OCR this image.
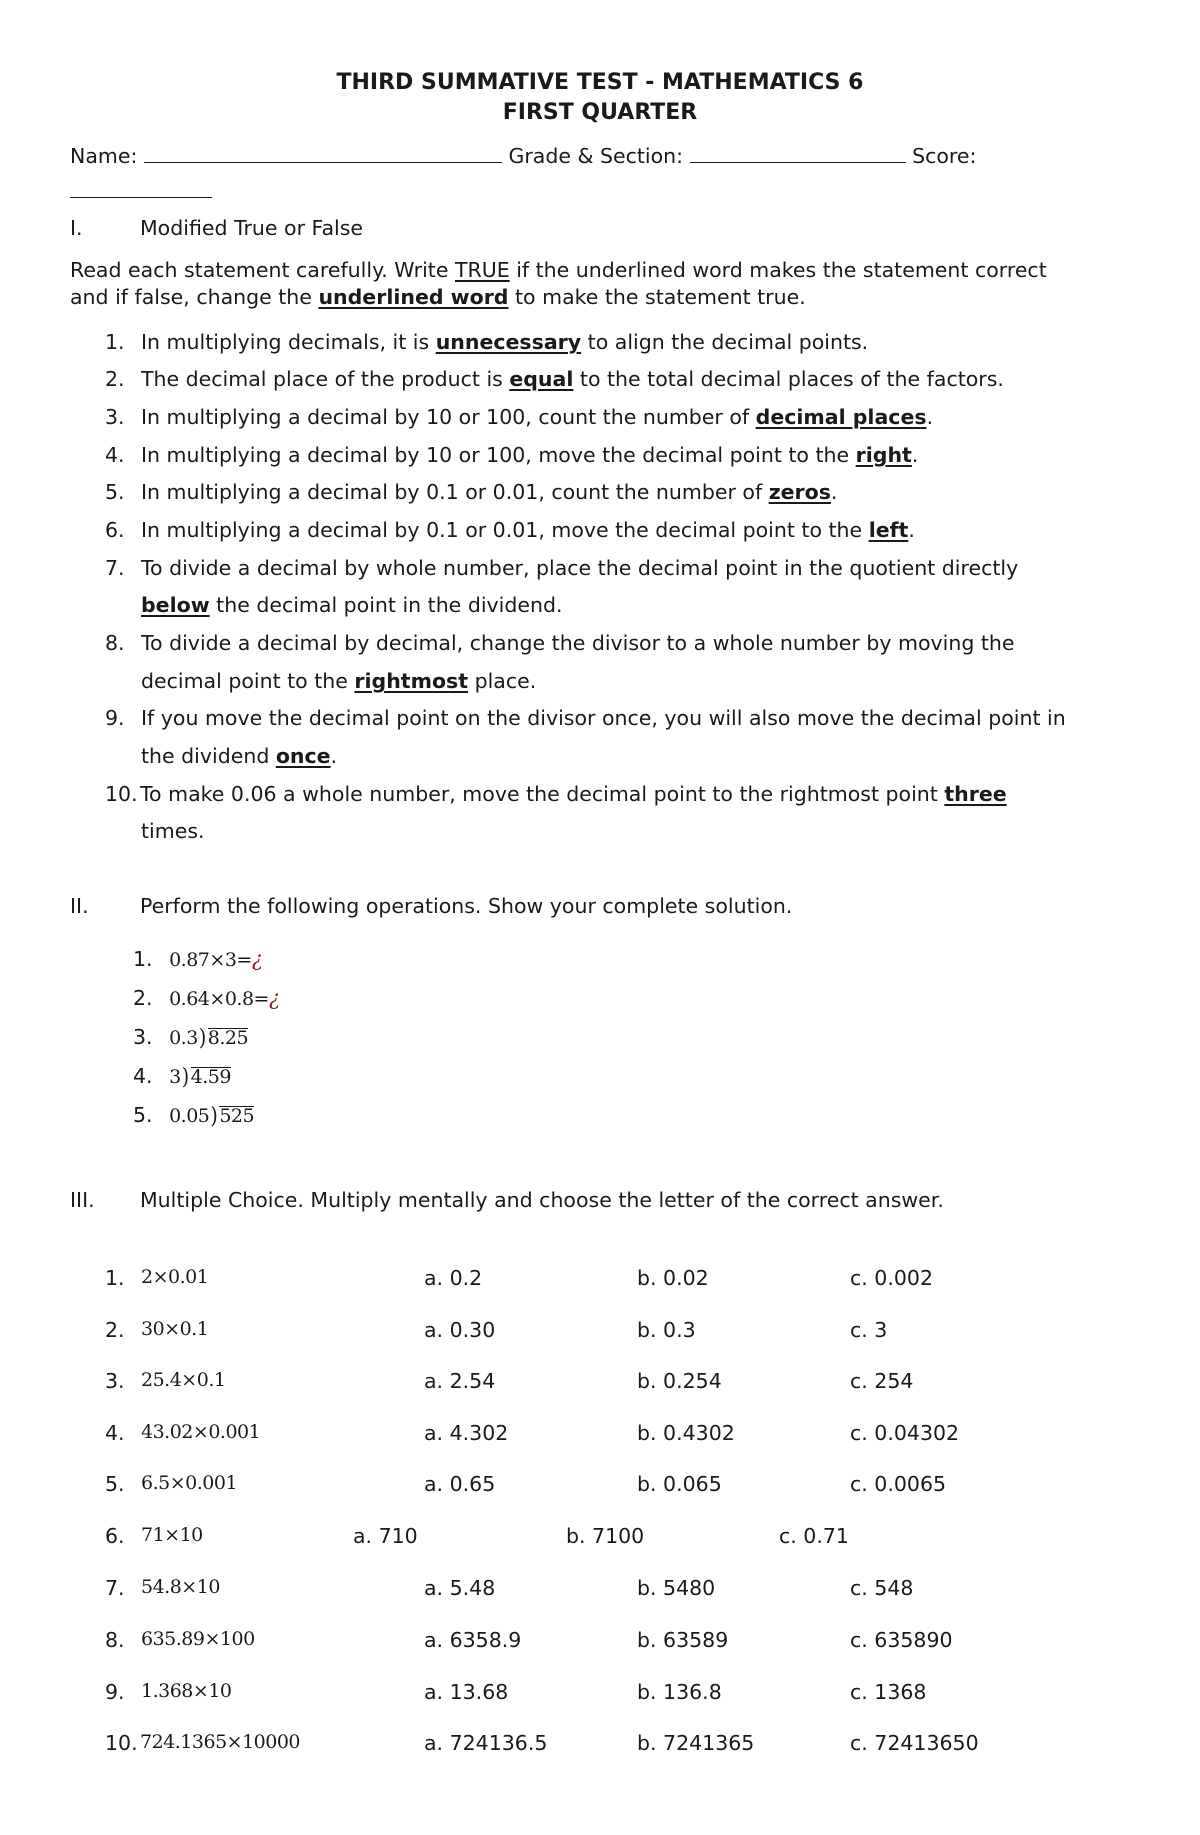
THIRD SUMMATIVE TEST - MATHEMATICS 6
FIRST QUARTER
Name:	Grade & Section:	Score:
I.	Modified True or False
Read each statement carefully. Write TRUE if the underlined word makes the statement correct
and if false, change the underlined word to make the statement true.
1. In multiplying decimals, it is unnecessary to align the decimal points.
2. The decimal place of the product is equal to the total decimal places of the factors.
3. In multiplying a decimal by 10 or 100, count the number of decimal places.
4. In multiplying a decimal by 10 or 100, move the decimal point to the right.
5. In multiplying a decimal by 0.1 or 0.01, count the number of zeros.
6. In multiplying a decimal by 0.1 or 0.01, move the decimal point to the left.
7. To divide a decimal by whole number, place the decimal point in the quotient directly
below the decimal point in the dividend.
8. To divide a decimal by decimal, change the divisor to a whole number by moving the
decimal point to the rightmost place.
9. If you move the decimal point on the divisor once, you will also move the decimal point in
the dividend once.
10. To make 0.06 a whole number, move the decimal point to the rightmost point three
times.
II.	Perform the following operations. Show your complete solution.
1. 0.87×3=¿
2. 0.64×0.8=¿
3. 0.3) 8.25
4. 3) 4.59
5. 0.05) 525
III. Multiple Choice. Multiply mentally and choose the letter of the correct answer.
1. 2×0.01	a. 0.2	b. 0.02	c. 0.002
2. 30×0.1	a. 0.30	b. 0.3	c. 3
3. 25.4×0.1	a. 2.54	b. 0.254	c. 254
4. 43.02×0.001	a. 4.302	b. 0.4302	c. 0.04302
5. 6.5×0.001	a. 0.65	b. 0.065	c. 0.0065
6. 71×10	a. 710	b. 7100	c. 0.71
7. 54.8×10	a. 5.48	b. 5480	c. 548
8. 635.89×100	a. 6358.9	b. 63589	c. 635890
9. 1.368×10	a. 13.68	b. 136.8	c. 1368
10. 724.1365×10000	a. 724136.5	b. 7241365	c. 72413650
